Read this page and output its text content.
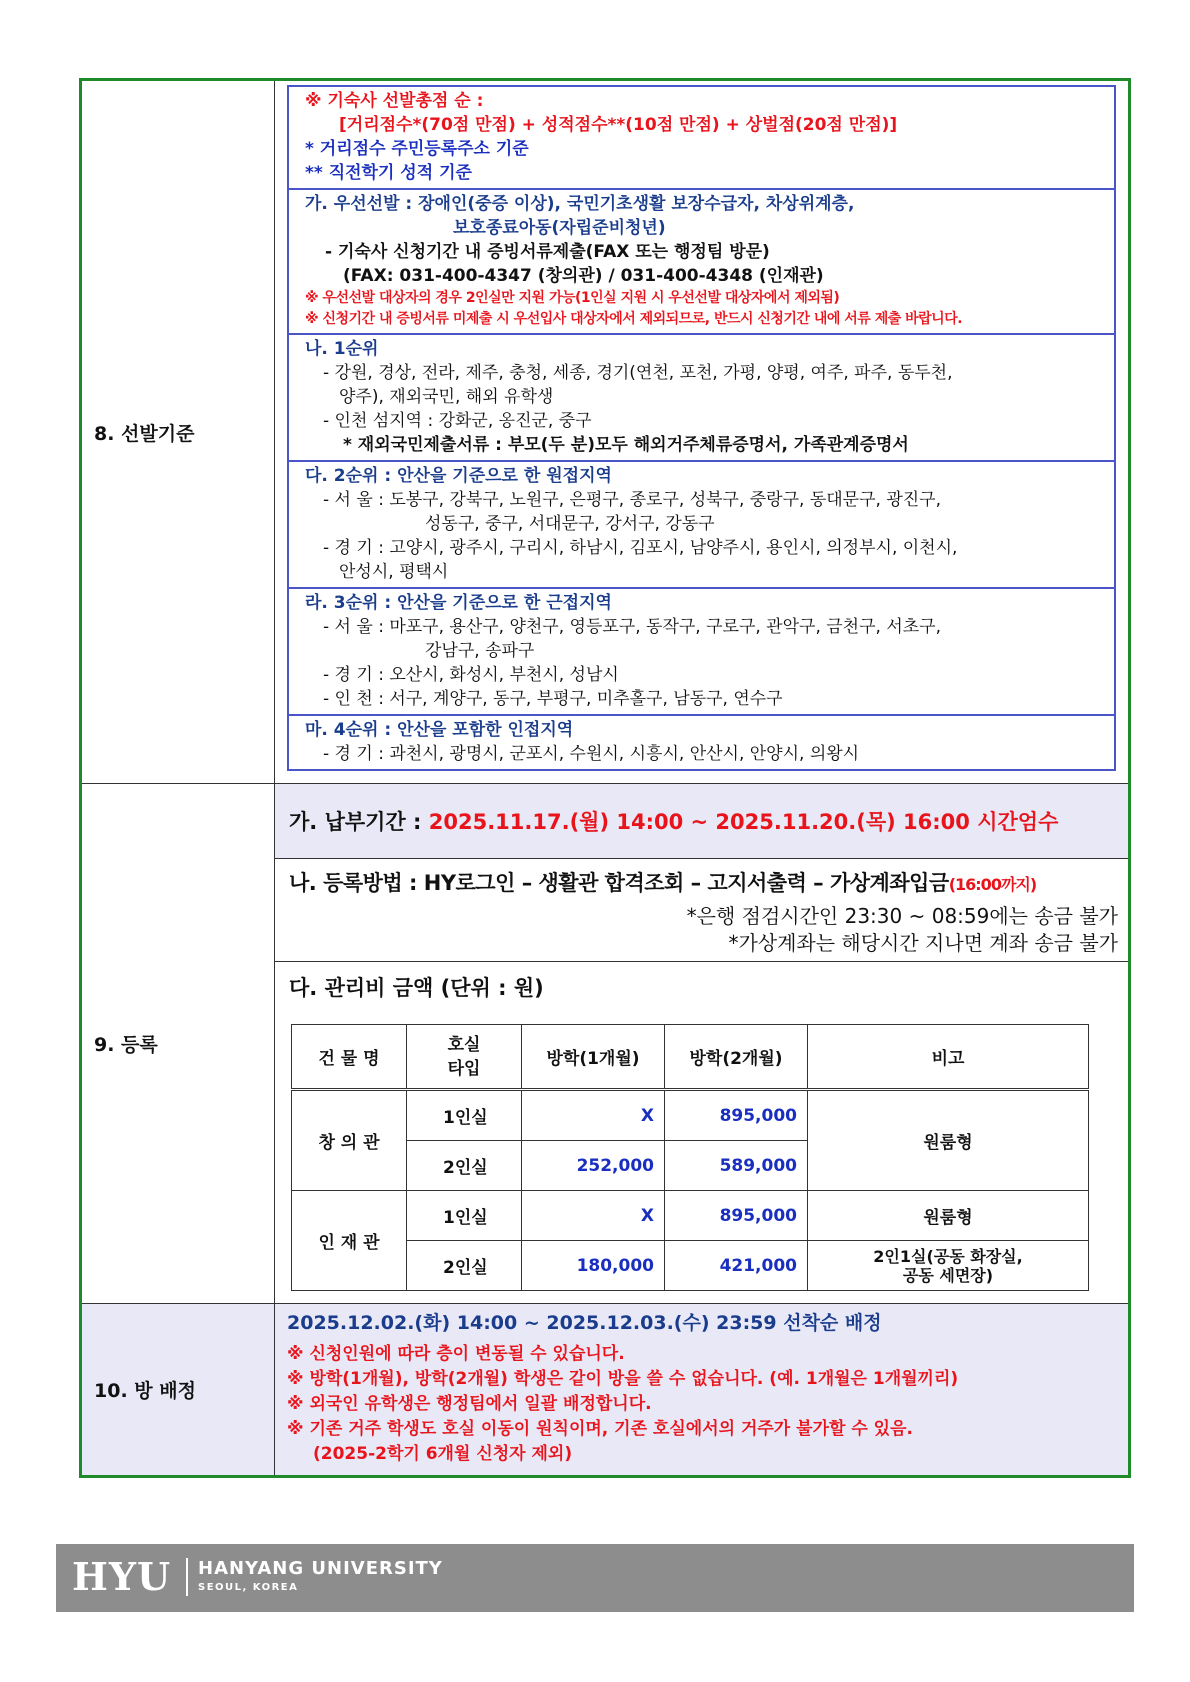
8. 선발기준	
※ 기숙사 선발총점 순 :
[거리점수*(70점 만점) + 성적점수**(10점 만점) + 상벌점(20점 만점)]
* 거리점수 주민등록주소 기준
** 직전학기 성적 기준
가. 우선선발 : 장애인(중증 이상), 국민기초생활 보장수급자, 차상위계층,
보호종료아동(자립준비청년)
- 기숙사 신청기간 내 증빙서류제출(FAX 또는 행정팀 방문)
(FAX: 031-400-4347 (창의관) / 031-400-4348 (인재관)
※ 우선선발 대상자의 경우 2인실만 지원 가능(1인실 지원 시 우선선발 대상자에서 제외됨)
※ 신청기간 내 증빙서류 미제출 시 우선입사 대상자에서 제외되므로, 반드시 신청기간 내에 서류 제출 바랍니다.
나. 1순위
- 강원, 경상, 전라, 제주, 충청, 세종, 경기(연천, 포천, 가평, 양평, 여주, 파주, 동두천,
양주), 재외국민, 해외 유학생
- 인천 섬지역 : 강화군, 옹진군, 중구
* 재외국민제출서류 : 부모(두 분)모두 해외거주체류증명서, 가족관계증명서
다. 2순위 : 안산을 기준으로 한 원접지역
- 서 울 : 도봉구, 강북구, 노원구, 은평구, 종로구, 성북구, 중랑구, 동대문구, 광진구,
성동구, 중구, 서대문구, 강서구, 강동구
- 경 기 : 고양시, 광주시, 구리시, 하남시, 김포시, 남양주시, 용인시, 의정부시, 이천시,
안성시, 평택시
라. 3순위 : 안산을 기준으로 한 근접지역
- 서 울 : 마포구, 용산구, 양천구, 영등포구, 동작구, 구로구, 관악구, 금천구, 서초구,
강남구, 송파구
- 경 기 : 오산시, 화성시, 부천시, 성남시
- 인 천 : 서구, 계양구, 동구, 부평구, 미추홀구, 남동구, 연수구
마. 4순위 : 안산을 포함한 인접지역
- 경 기 : 과천시, 광명시, 군포시, 수원시, 시흥시, 안산시, 안양시, 의왕시

9. 등록	
가. 납부기간 :
2025.11.17.(월) 14:00 ~ 2025.11.20.(목) 16:00 시간엄수

나. 등록방법 : HY로그인 – 생활관 합격조회 – 고지서출력 – 가상계좌입금(16:00까지)
*은행 점검시간인 23:30 ~ 08:59에는 송금 불가
*가상계좌는 해당시간 지나면 계좌 송금 불가

다. 관리비 금액 (단위 : 원)
건 물 명	호실
타입	방학(1개월)	방학(2개월)	비고
창 의 관	1인실	X	895,000	원룸형
2인실	252,000	589,000
인 재 관	1인실	X	895,000	원룸형
2인실	180,000	421,000	2인1실(공동 화장실,
공동 세면장)

10. 방 배정	
2025.12.02.(화) 14:00 ~ 2025.12.03.(수) 23:59 선착순 배정
※ 신청인원에 따라 층이 변동될 수 있습니다.
※ 방학(1개월), 방학(2개월) 학생은 같이 방을 쓸 수 없습니다. (예. 1개월은 1개월끼리)
※ 외국인 유학생은 행정팀에서 일괄 배정합니다.
※ 기존 거주 학생도 호실 이동이 원칙이며, 기존 호실에서의 거주가 불가할 수 있음.
(2025-2학기 6개월 신청자 제외)
HYU HANYANG UNIVERSITY
SEOUL, KOREA
